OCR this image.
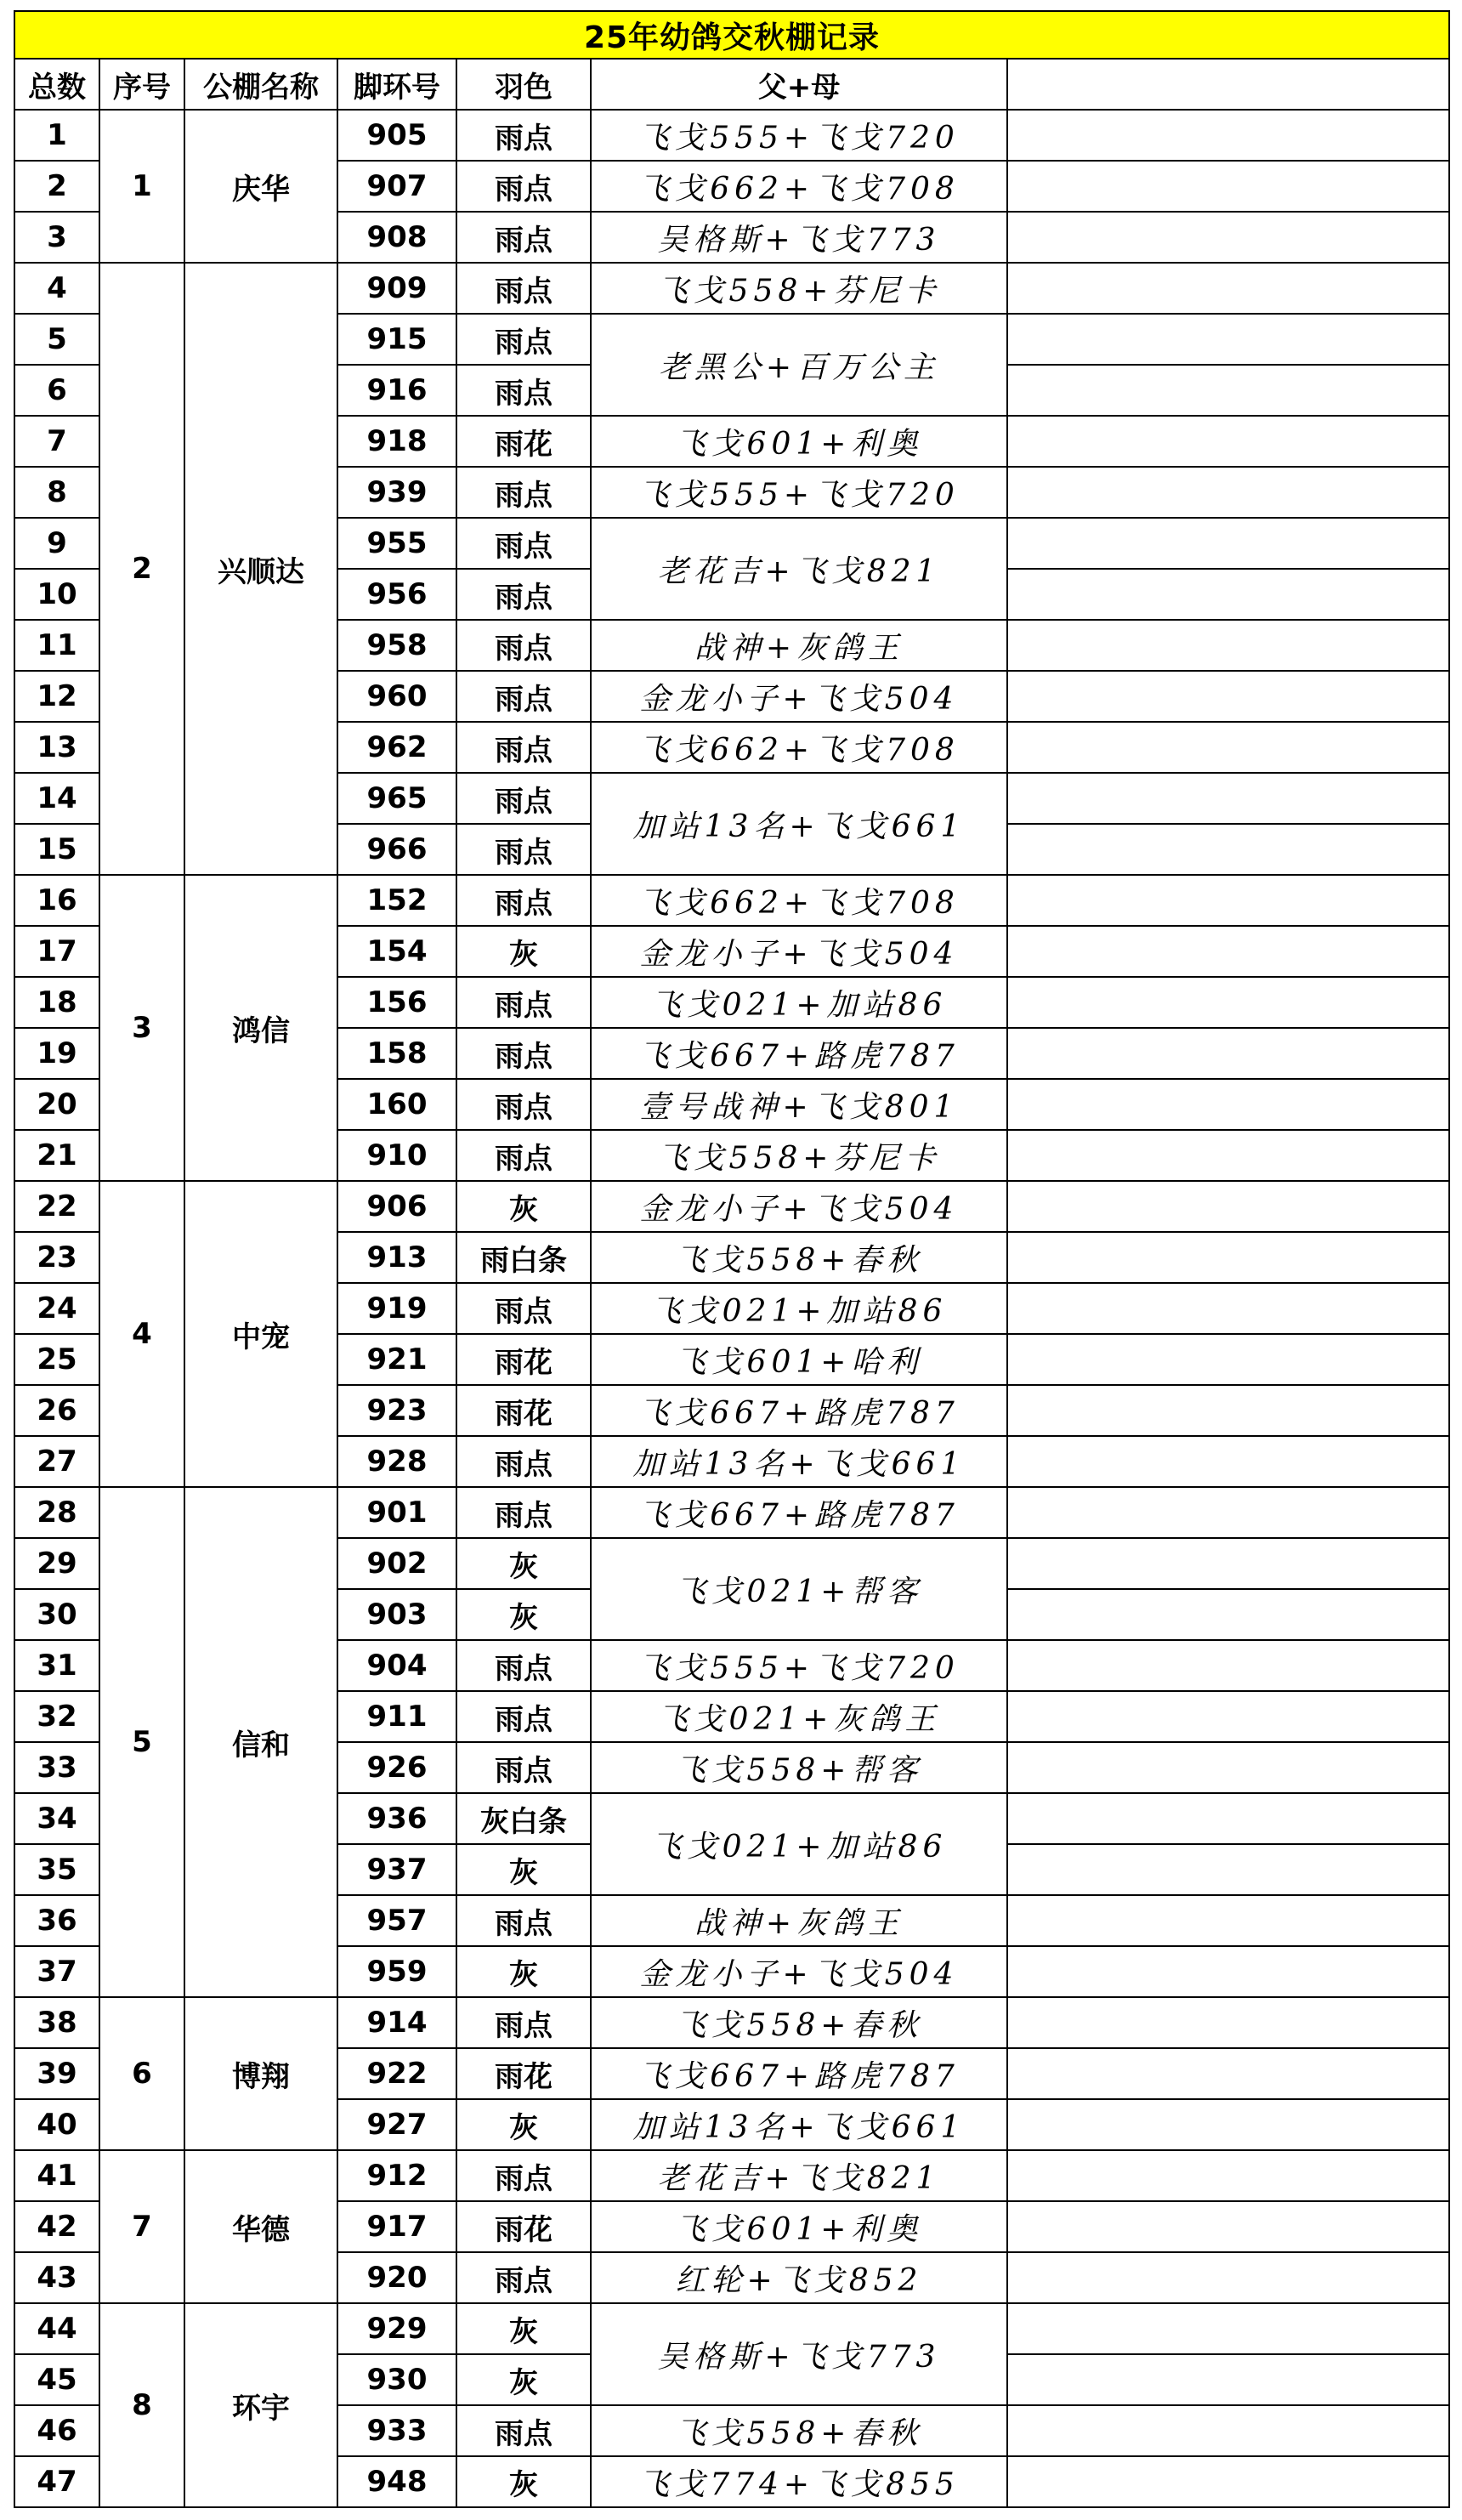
25年幼鸽交秋棚记录						
总数	序号	公棚名称	脚环号	羽色	父+母	
1	1	庆华	905	雨点	飞戈555+飞戈720	
2			907	雨点	飞戈662+飞戈708	
3			908	雨点	吴格斯+飞戈773	
4	2	兴顺达	909	雨点	飞戈558+芬尼卡	
5			915	雨点	老黑公+百万公主	
6			916	雨点		
7			918	雨花	飞戈601+利奥	
8			939	雨点	飞戈555+飞戈720	
9			955	雨点	老花吉+飞戈821	
10			956	雨点		
11			958	雨点	战神+灰鸽王	
12			960	雨点	金龙小子+飞戈504	
13			962	雨点	飞戈662+飞戈708	
14			965	雨点	加站13名+飞戈661	
15			966	雨点		
16	3	鸿信	152	雨点	飞戈662+飞戈708	
17			154	灰	金龙小子+飞戈504	
18			156	雨点	飞戈021+加站86	
19			158	雨点	飞戈667+路虎787	
20			160	雨点	壹号战神+飞戈801	
21			910	雨点	飞戈558+芬尼卡	
22	4	中宠	906	灰	金龙小子+飞戈504	
23			913	雨白条	飞戈558+春秋	
24			919	雨点	飞戈021+加站86	
25			921	雨花	飞戈601+哈利	
26			923	雨花	飞戈667+路虎787	
27			928	雨点	加站13名+飞戈661	
28	5	信和	901	雨点	飞戈667+路虎787	
29			902	灰	飞戈021+帮客	
30			903	灰		
31			904	雨点	飞戈555+飞戈720	
32			911	雨点	飞戈021+灰鸽王	
33			926	雨点	飞戈558+帮客	
34			936	灰白条	飞戈021+加站86	
35			937	灰		
36			957	雨点	战神+灰鸽王	
37			959	灰	金龙小子+飞戈504	
38	6	博翔	914	雨点	飞戈558+春秋	
39			922	雨花	飞戈667+路虎787	
40			927	灰	加站13名+飞戈661	
41	7	华德	912	雨点	老花吉+飞戈821	
42			917	雨花	飞戈601+利奥	
43			920	雨点	红轮+飞戈852	
44	8	环宇	929	灰	吴格斯+飞戈773	
45			930	灰		
46			933	雨点	飞戈558+春秋	
47			948	灰	飞戈774+飞戈855	
